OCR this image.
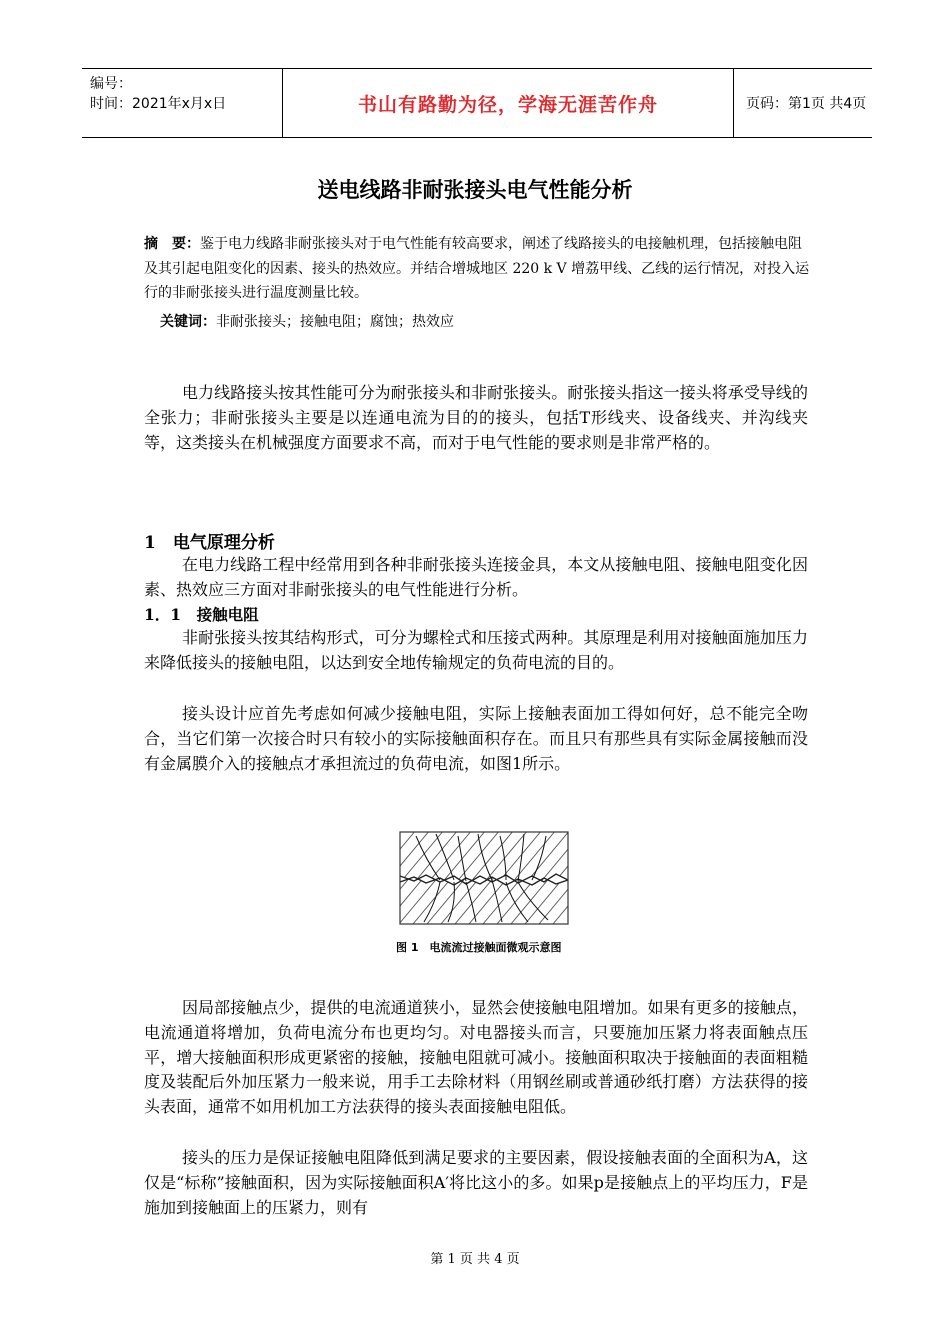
编号：
时间：2021年x月x日	书山有路勤为径，学海无涯苦作舟	页码：第1页 共4页
送电线路非耐张接头电气性能分析
摘　要：鉴于电力线路非耐张接头对于电气性能有较高要求，阐述了线路接头的电接触机理，包括接触电阻及其引起电阻变化的因素、接头的热效应。并结合增城地区 220 k V 增荔甲线、乙线的运行情况，对投入运行的非耐张接头进行温度测量比较。
关键词：非耐张接头；接触电阻；腐蚀；热效应

电力线路接头按其性能可分为耐张接头和非耐张接头。耐张接头指这一接头将承受导线的全张力；非耐张接头主要是以连通电流为目的的接头，包括T形线夹、设备线夹、并沟线夹等，这类接头在机械强度方面要求不高，而对于电气性能的要求则是非常严格的。

1　电气原理分析

在电力线路工程中经常用到各种非耐张接头连接金具，本文从接触电阻、接触电阻变化因素、热效应三方面对非耐张接头的电气性能进行分析。

1．1　接触电阻

非耐张接头按其结构形式，可分为螺栓式和压接式两种。其原理是利用对接触面施加压力来降低接头的接触电阻，以达到安全地传输规定的负荷电流的目的。

接头设计应首先考虑如何减少接触电阻，实际上接触表面加工得如何好，总不能完全吻合，当它们第一次接合时只有较小的实际接触面积存在。而且只有那些具有实际金属接触而没有金属膜介入的接触点才承担流过的负荷电流，如图1所示。

图 1　电流流过接触面微观示意图

因局部接触点少，提供的电流通道狭小，显然会使接触电阻增加。如果有更多的接触点，电流通道将增加，负荷电流分布也更均匀。对电器接头而言，只要施加压紧力将表面触点压平，增大接触面积形成更紧密的接触，接触电阻就可减小。接触面积取决于接触面的表面粗糙度及装配后外加压紧力一般来说，用手工去除材料（用钢丝刷或普通砂纸打磨）方法获得的接头表面，通常不如用机加工方法获得的接头表面接触电阻低。

接头的压力是保证接触电阻降低到满足要求的主要因素，假设接触表面的全面积为A，这仅是“标称”接触面积，因为实际接触面积A′将比这小的多。如果p是接触点上的平均压力，F是施加到接触面上的压紧力，则有

第 1 页 共 4 页
